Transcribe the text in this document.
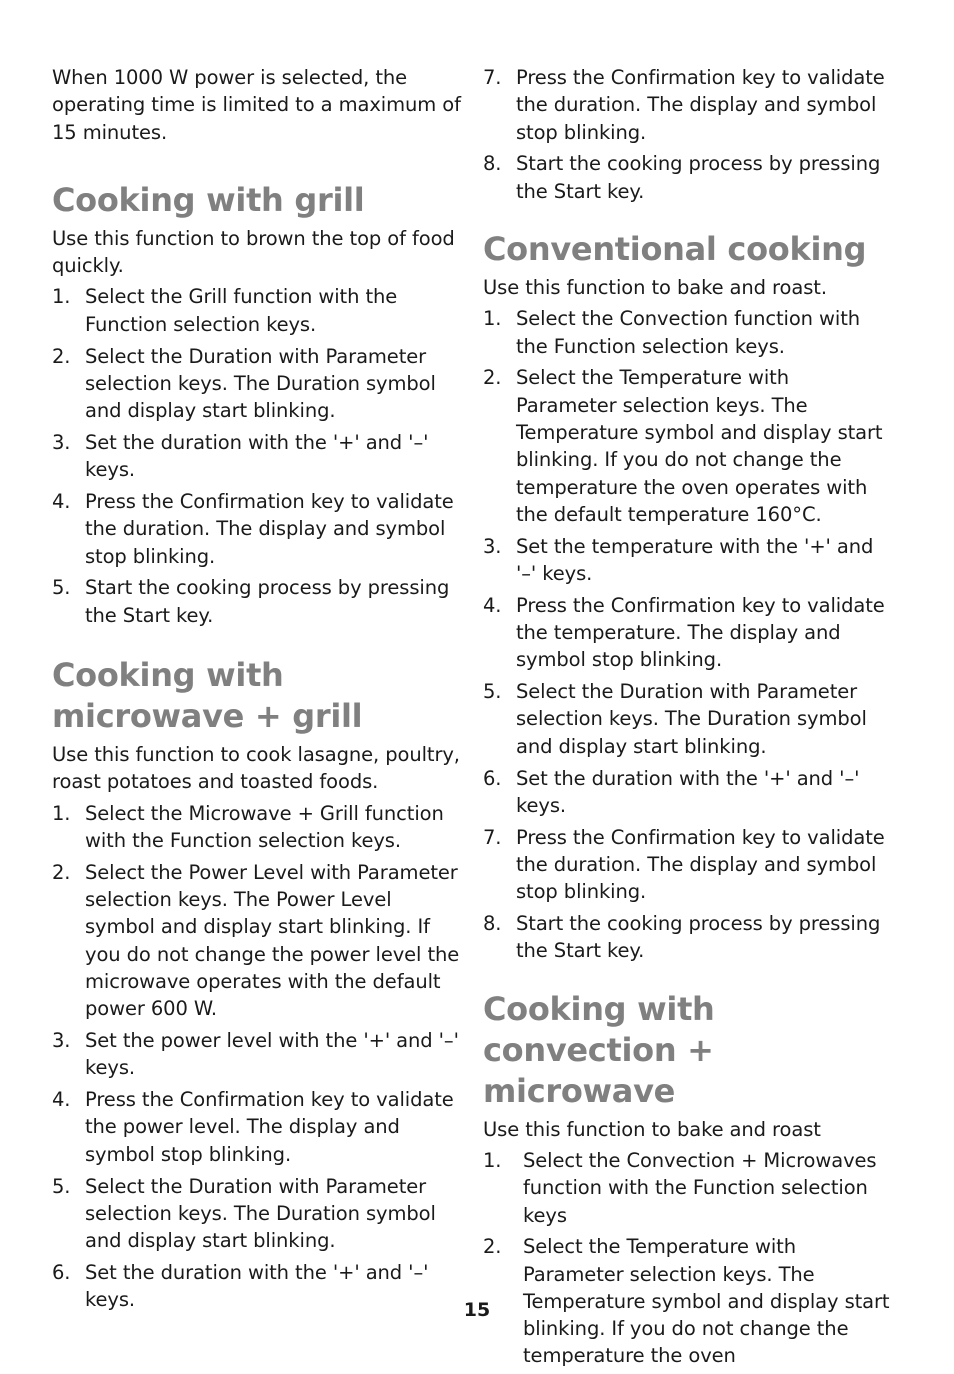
When 1000 W power is selected, the operating time is limited to a maximum of 15 minutes.

Cooking with grill

Use this function to brown the top of food quickly.

1. Select the Grill function with the Function selection keys.
2. Select the Duration with Parameter selection keys. The Duration symbol and display start blinking.
3. Set the duration with the '+' and '–' keys.
4. Press the Confirmation key to validate the duration. The display and symbol stop blinking.
5. Start the cooking process by pressing the Start key.
Cooking with microwave + grill

Use this function to cook lasagne, poultry, roast potatoes and toasted foods.

1. Select the Microwave + Grill function with the Function selection keys.
2. Select the Power Level with Parameter selection keys. The Power Level symbol and display start blinking. If you do not change the power level the microwave operates with the default power 600 W.
3. Set the power level with the '+' and '–' keys.
4. Press the Confirmation key to validate the power level. The display and symbol stop blinking.
5. Select the Duration with Parameter selection keys. The Duration symbol and display start blinking.
6. Set the duration with the '+' and '–' keys.
7. Press the Confirmation key to validate the duration. The display and symbol stop blinking.
8. Start the cooking process by pressing the Start key.
Conventional cooking

Use this function to bake and roast.

1. Select the Convection function with the Function selection keys.
2. Select the Temperature with Parameter selection keys. The Temperature symbol and display start blinking. If you do not change the temperature the oven operates with the default temperature 160°C.
3. Set the temperature with the '+' and '–' keys.
4. Press the Confirmation key to validate the temperature. The display and symbol stop blinking.
5. Select the Duration with Parameter selection keys. The Duration symbol and display start blinking.
6. Set the duration with the '+' and '–' keys.
7. Press the Confirmation key to validate the duration. The display and symbol stop blinking.
8. Start the cooking process by pressing the Start key.
Cooking with convection + microwave

Use this function to bake and roast

1. Select the Convection + Microwaves function with the Function selection keys
2. Select the Temperature with Parameter selection keys. The Temperature symbol and display start blinking. If you do not change the temperature the oven
15
